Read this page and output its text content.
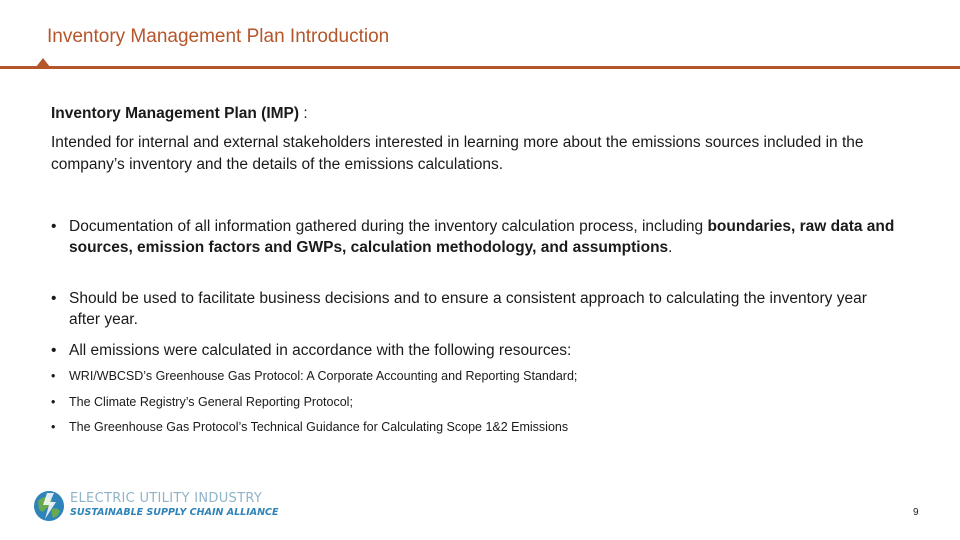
Inventory Management Plan Introduction

Inventory Management Plan (IMP) :

Intended for internal and external stakeholders interested in learning more about the emissions sources included in the company’s inventory and the details of the emissions calculations.

• Documentation of all information gathered during the inventory calculation process, including boundaries, raw data and sources, emission factors and GWPs, calculation methodology, and assumptions.
• Should be used to facilitate business decisions and to ensure a consistent approach to calculating the inventory year after year.
• All emissions were calculated in accordance with the following resources:
• WRI/WBCSD’s Greenhouse Gas Protocol: A Corporate Accounting and Reporting Standard;
• The Climate Registry’s General Reporting Protocol;
• The Greenhouse Gas Protocol’s Technical Guidance for Calculating Scope 1&2 Emissions
ELECTRIC UTILITY INDUSTRY
SUSTAINABLE SUPPLY CHAIN ALLIANCE	9
